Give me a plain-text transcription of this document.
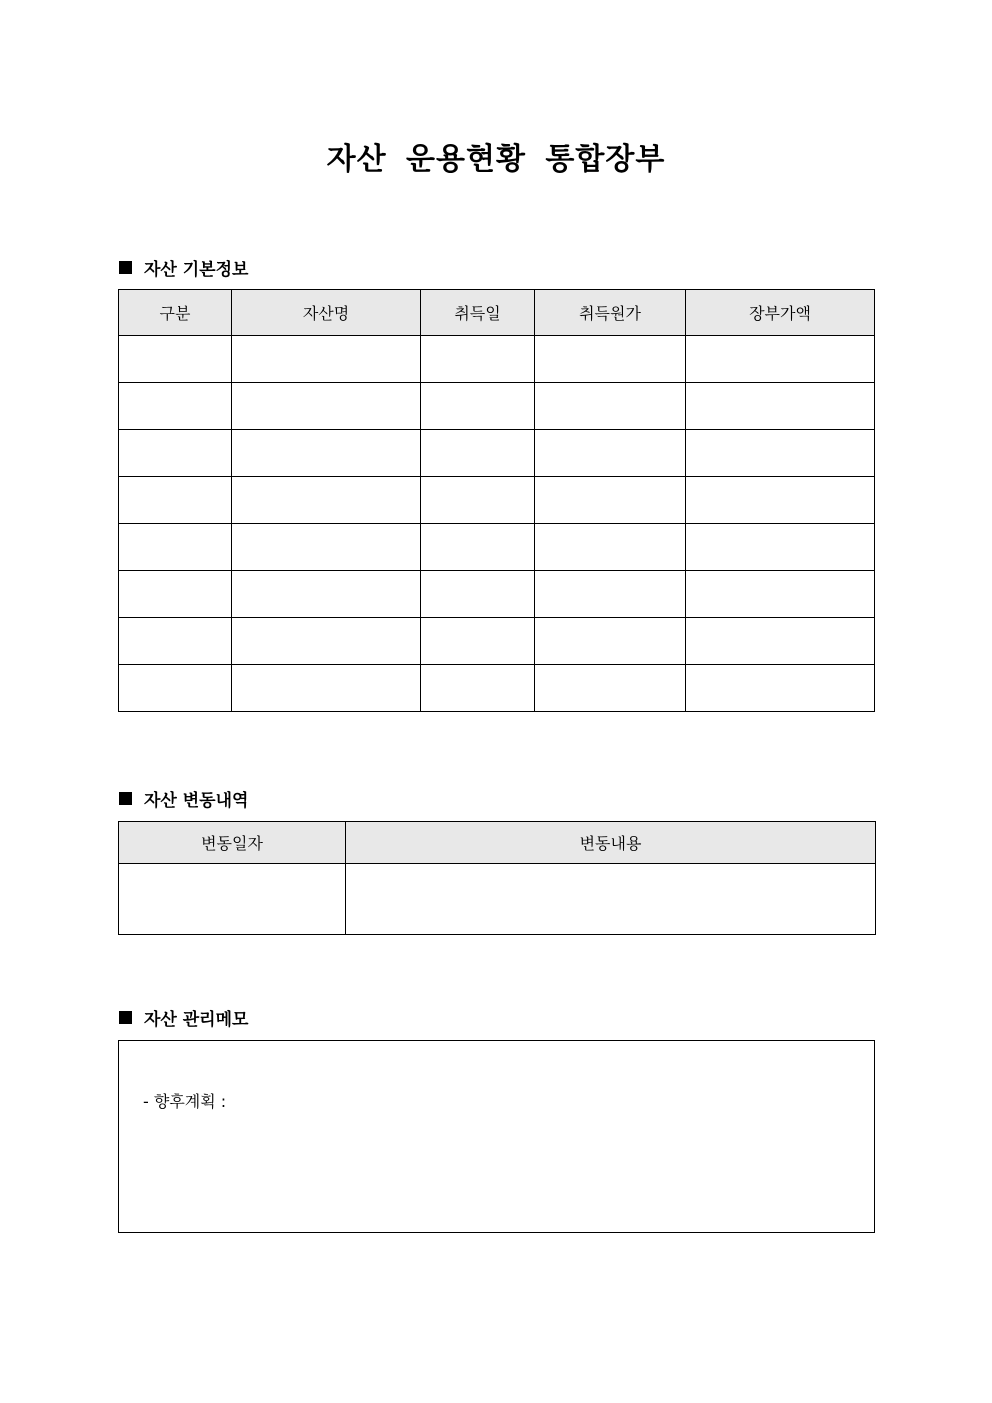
자산 운용현황 통합장부
자산 기본정보
구분	자산명	취득일	취득원가	장부가액

자산 변동내역
변동일자	변동내용

자산 관리메모
- 향후계획 :
